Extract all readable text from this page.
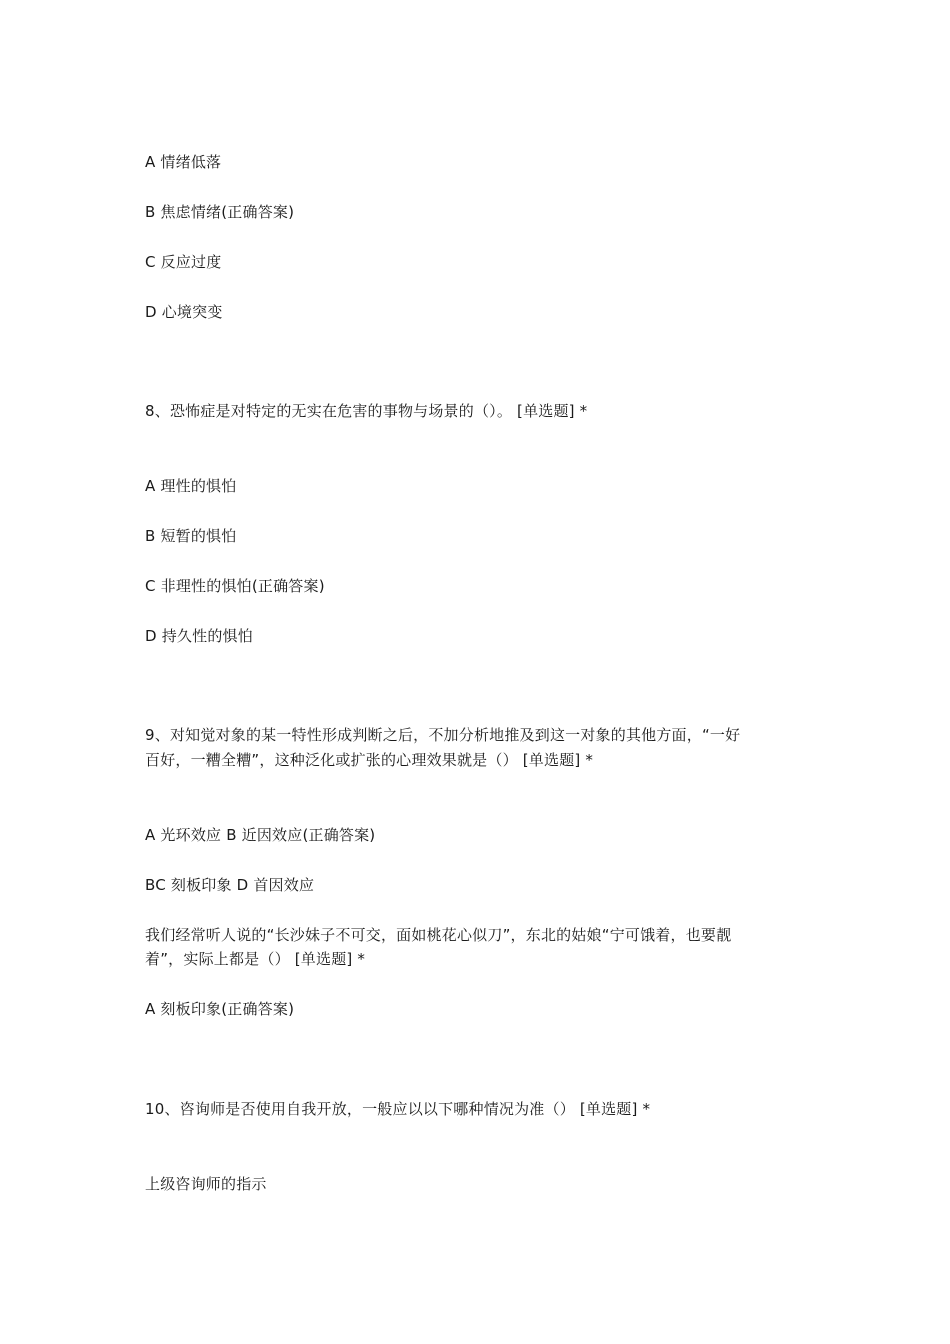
A 情绪低落
B 焦虑情绪(正确答案)
C 反应过度
D 心境突变
8、恐怖症是对特定的无实在危害的事物与场景的（）。 [单选题] *
A 理性的惧怕
B 短暂的惧怕
C 非理性的惧怕(正确答案)
D 持久性的惧怕
9、对知觉对象的某一特性形成判断之后，不加分析地推及到这一对象的其他方面，“一好
百好，一糟全糟”，这种泛化或扩张的心理效果就是（） [单选题] *
A 光环效应 B 近因效应(正确答案)
BC 刻板印象 D 首因效应
我们经常听人说的“长沙妹子不可交，面如桃花心似刀”，东北的姑娘“宁可饿着，也要靓
着”，实际上都是（） [单选题] *
A 刻板印象(正确答案)
10、咨询师是否使用自我开放，一般应以以下哪种情况为准（） [单选题] *
上级咨询师的指示
